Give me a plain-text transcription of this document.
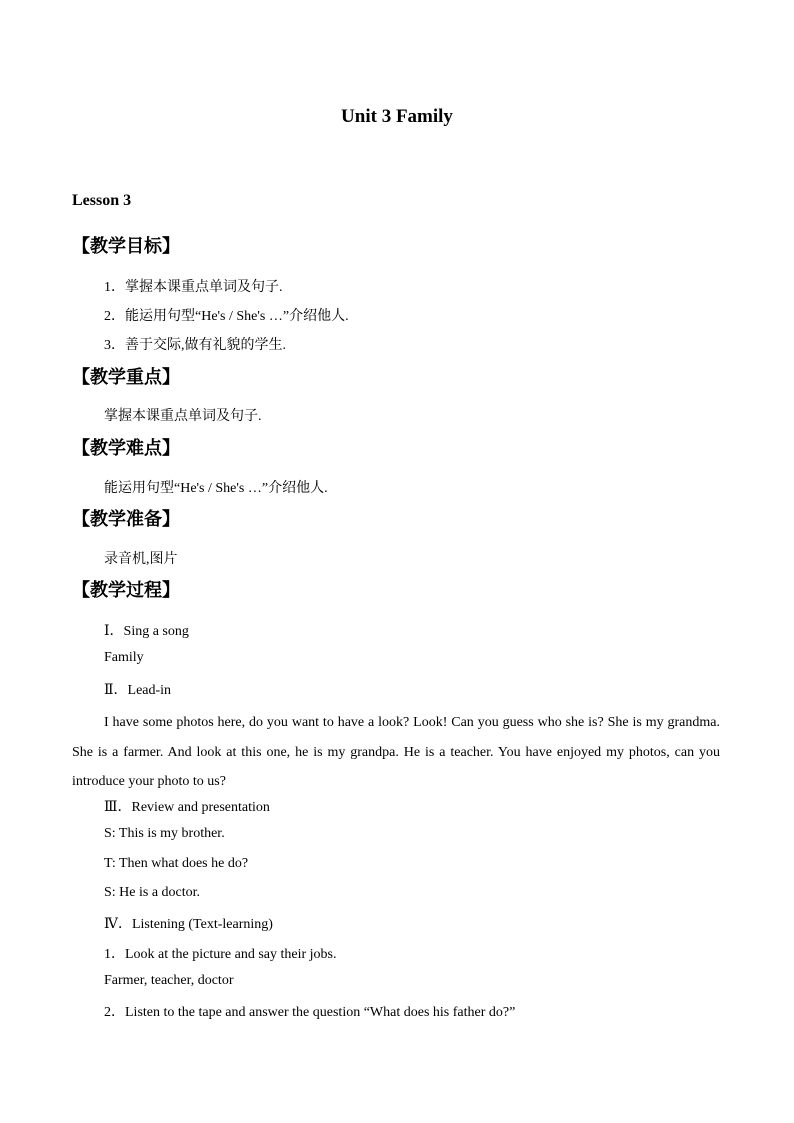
Unit 3 Family
Lesson 3
【教学目标】
1．掌握本课重点单词及句子.
2．能运用句型“He's / She's …”介绍他人.
3．善于交际,做有礼貌的学生.
【教学重点】
掌握本课重点单词及句子.
【教学难点】
能运用句型“He's / She's …”介绍他人.
【教学准备】
录音机,图片
【教学过程】
Ⅰ．Sing a song
Family
Ⅱ．Lead-in
I have some photos here, do you want to have a look? Look! Can you guess who she is? She is my grandma. She is a farmer. And look at this one, he is my grandpa. He is a teacher. You have enjoyed my photos, can you introduce your photo to us?
Ⅲ．Review and presentation
S: This is my brother.
T: Then what does he do?
S: He is a doctor.
Ⅳ．Listening (Text-learning)
1．Look at the picture and say their jobs.
Farmer, teacher, doctor
2．Listen to the tape and answer the question “What does his father do?”
